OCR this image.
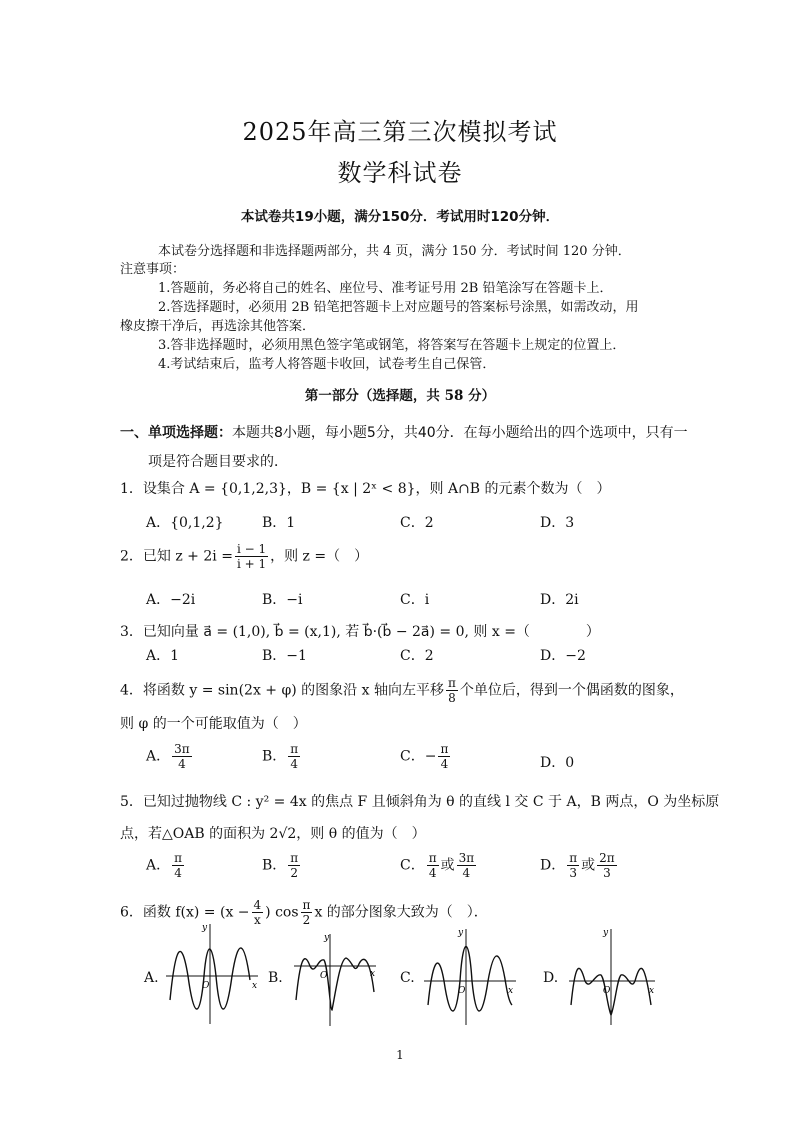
2025年高三第三次模拟考试
数学科试卷
本试卷共19小题，满分150分．考试用时120分钟．
本试卷分选择题和非选择题两部分，共 4 页，满分 150 分．考试时间 120 分钟．
注意事项：
1.答题前，务必将自己的姓名、座位号、准考证号用 2B 铅笔涂写在答题卡上．
2.答选择题时，必须用 2B 铅笔把答题卡上对应题号的答案标号涂黑，如需改动，用
橡皮擦干净后，再选涂其他答案．
3.答非选择题时，必须用黑色签字笔或钢笔，将答案写在答题卡上规定的位置上．
4.考试结束后，监考人将答题卡收回，试卷考生自己保管．
第一部分（选择题，共 58 分）
一、单项选择题：本题共8小题，每小题5分，共40分．在每小题给出的四个选项中，只有一
项是符合题目要求的．
1．设集合 A = {0,1,2,3}，B = {x | 2ˣ < 8}，则 A∩B 的元素个数为（　）
A．{0,1,2}	B．1	C．2	D．3
2．已知 $z + 2i = \frac{i - 1}{i + 1}$ ，则 z =（　）
A．−2i	B．−i	C．i	D．2i
3．已知向量 a⃗ = (1,0), b⃗ = (x,1), 若 b⃗·(b⃗ − 2a⃗) = 0, 则 x =（　　　　）
A．1	B．−1	C．2	D．−2
4．将函数 y = sin(2x + φ) 的图象沿 x 轴向左平移 $\frac{\pi}{8}$ 个单位后，得到一个偶函数的图象，
则 φ 的一个可能取值为（　）
A． $\frac{3\pi}{4}$	B． $\frac{\pi}{4}$	C．− $\frac{\pi}{4}$	D．0
5．已知过抛物线 C : y² = 4x 的焦点 F 且倾斜角为 θ 的直线 l 交 C 于 A，B 两点，O 为坐标原
点，若△OAB 的面积为 2√2，则 θ 的值为（　）
A． $\frac{\pi}{4}$	B． $\frac{\pi}{2}$	C． $\frac{\pi}{4}$ 或 $\frac{3\pi}{4}$	D． $\frac{\pi}{3}$ 或 $\frac{2\pi}{3}$
6．函数 $f(x) = (x - \frac{4}{x}$ ) $\cos \frac{\pi}{2}$ x 的部分图象大致为（　）．
A.	B.	C.	D.
O
y
x
O
y
x
O
y
x	O
y
x
1
